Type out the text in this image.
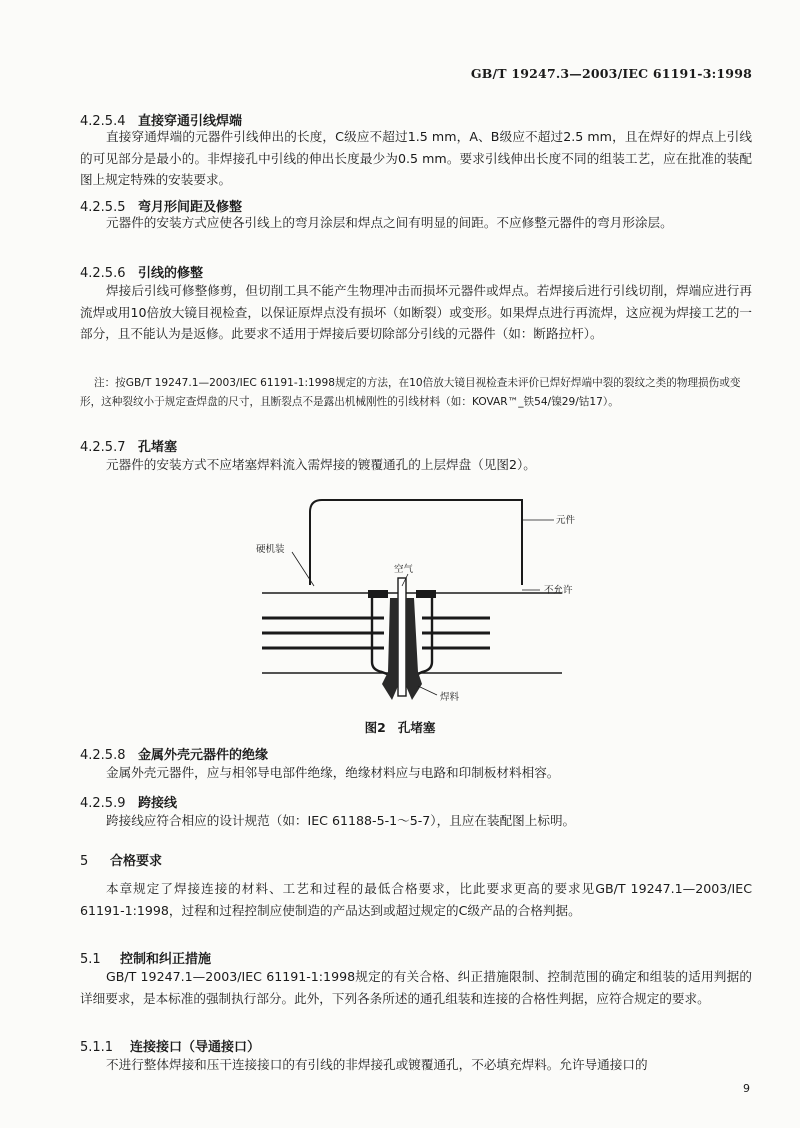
GB/T 19247.3—2003/IEC 61191-3:1998
4.2.5.4 直接穿通引线焊端
直接穿通焊端的元器件引线伸出的长度，C级应不超过1.5 mm，A、B级应不超过2.5 mm，且在焊好的焊点上引线的可见部分是最小的。非焊接孔中引线的伸出长度最少为0.5 mm。要求引线伸出长度不同的组装工艺，应在批准的装配图上规定特殊的安装要求。
4.2.5.5 弯月形间距及修整
元器件的安装方式应使各引线上的弯月涂层和焊点之间有明显的间距。不应修整元器件的弯月形涂层。
4.2.5.6 引线的修整
焊接后引线可修整修剪，但切削工具不能产生物理冲击而损坏元器件或焊点。若焊接后进行引线切削，焊端应进行再流焊或用10倍放大镜目视检查，以保证原焊点没有损坏（如断裂）或变形。如果焊点进行再流焊，这应视为焊接工艺的一部分，且不能认为是返修。此要求不适用于焊接后要切除部分引线的元器件（如：断路拉杆）。
注：按GB/T 19247.1—2003/IEC 61191-1:1998规定的方法，在10倍放大镜目视检查未评价已焊好焊端中裂的裂纹之类的物理损伤或变形，这种裂纹小于规定查焊盘的尺寸，且断裂点不是露出机械刚性的引线材料（如：KOVAR™_铁54/镍29/钴17）。
4.2.5.7 孔堵塞
元器件的安装方式不应堵塞焊料流入需焊接的镀覆通孔的上层焊盘（见图2）。
元件
硬机装
空气
不允许
焊料
图2 孔堵塞
4.2.5.8 金属外壳元器件的绝缘
金属外壳元器件，应与相邻导电部件绝缘，绝缘材料应与电路和印制板材料相容。
4.2.5.9 跨接线
跨接线应符合相应的设计规范（如：IEC 61188-5-1～5-7），且应在装配图上标明。
5 合格要求
本章规定了焊接连接的材料、工艺和过程的最低合格要求，比此要求更高的要求见GB/T 19247.1—2003/IEC 61191-1:1998，过程和过程控制应使制造的产品达到或超过规定的C级产品的合格判据。
5.1 控制和纠正措施
GB/T 19247.1—2003/IEC 61191-1:1998规定的有关合格、纠正措施限制、控制范围的确定和组装的适用判据的详细要求，是本标准的强制执行部分。此外，下列各条所述的通孔组装和连接的合格性判据，应符合规定的要求。
5.1.1 连接接口（导通接口）
不进行整体焊接和压干连接接口的有引线的非焊接孔或镀覆通孔，不必填充焊料。允许导通接口的
9
